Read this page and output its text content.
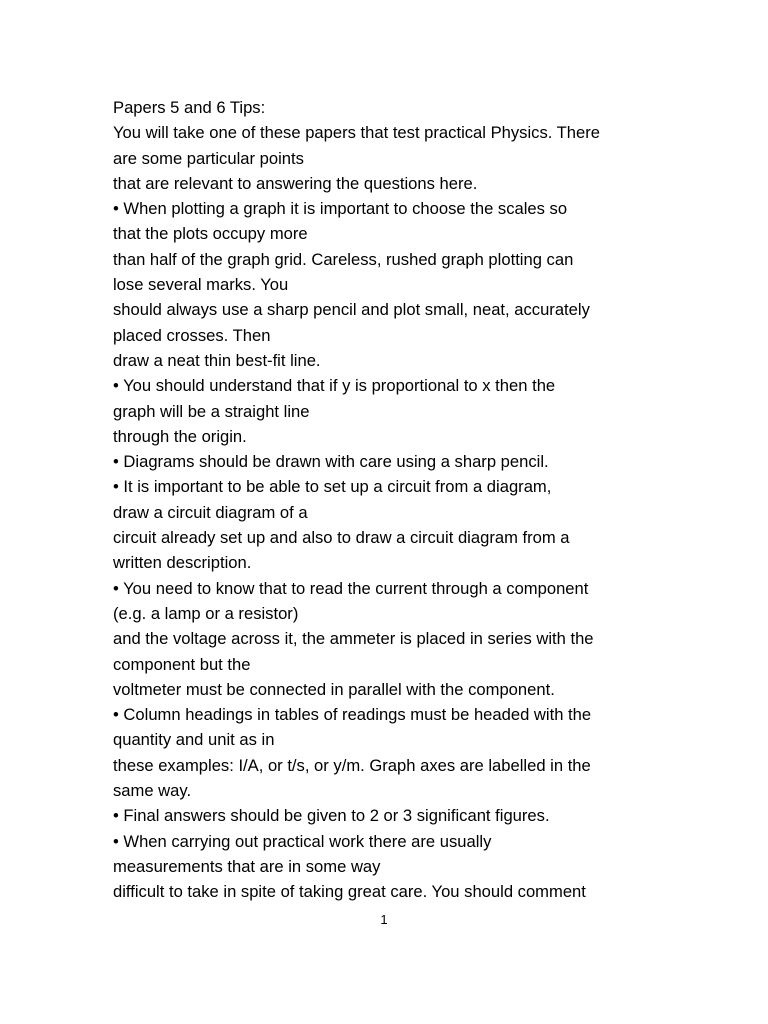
Papers 5 and 6 Tips:
You will take one of these papers that test practical Physics. There
are some particular points
that are relevant to answering the questions here.
• When plotting a graph it is important to choose the scales so
that the plots occupy more
than half of the graph grid. Careless, rushed graph plotting can
lose several marks. You
should always use a sharp pencil and plot small, neat, accurately
placed crosses. Then
draw a neat thin best-fit line.
• You should understand that if y is proportional to x then the
graph will be a straight line
through the origin.
• Diagrams should be drawn with care using a sharp pencil.
• It is important to be able to set up a circuit from a diagram,
draw a circuit diagram of a
circuit already set up and also to draw a circuit diagram from a
written description.
• You need to know that to read the current through a component
(e.g. a lamp or a resistor)
and the voltage across it, the ammeter is placed in series with the
component but the
voltmeter must be connected in parallel with the component.
• Column headings in tables of readings must be headed with the
quantity and unit as in
these examples: I/A, or t/s, or y/m. Graph axes are labelled in the
same way.
• Final answers should be given to 2 or 3 significant figures.
• When carrying out practical work there are usually
measurements that are in some way
difficult to take in spite of taking great care. You should comment
1
